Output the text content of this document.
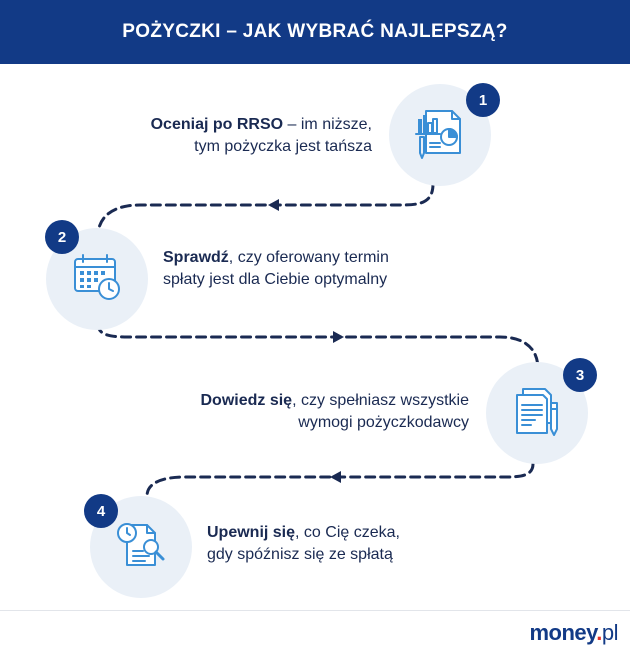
POŻYCZKI – JAK WYBRAĆ NAJLEPSZĄ?
1
Oceniaj po RRSO – im niższe,
tym pożyczka jest tańsza
2
Sprawdź, czy oferowany termin
spłaty jest dla Ciebie optymalny
3
Dowiedz się, czy spełniasz wszystkie
wymogi pożyczkodawcy
4
Upewnij się, co Cię czeka,
gdy spóźnisz się ze spłatą
money.pl
